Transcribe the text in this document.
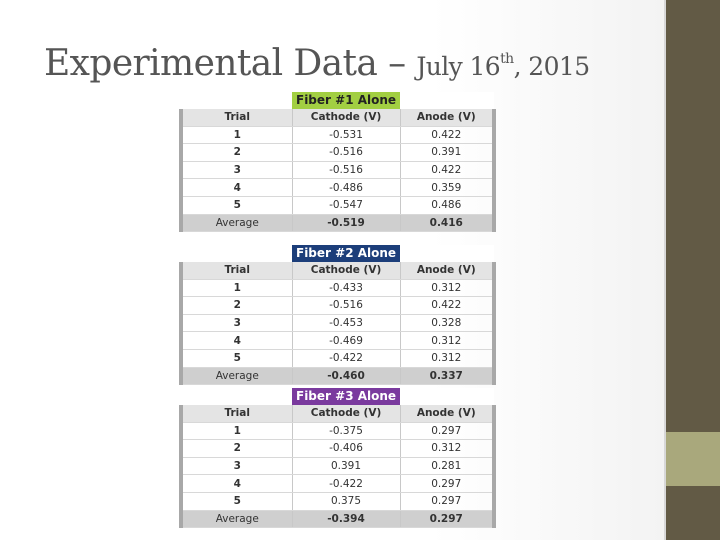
Experimental Data – July 16th, 2015
	Fiber #1 Alone	
Trial	Cathode (V)	Anode (V)
1	-0.531	0.422
2	-0.516	0.391
3	-0.516	0.422
4	-0.486	0.359
5	-0.547	0.486
Average	-0.519	0.416
	Fiber #2 Alone	
Trial	Cathode (V)	Anode (V)
1	-0.433	0.312
2	-0.516	0.422
3	-0.453	0.328
4	-0.469	0.312
5	-0.422	0.312
Average	-0.460	0.337
	Fiber #3 Alone	
Trial	Cathode (V)	Anode (V)
1	-0.375	0.297
2	-0.406	0.312
3	0.391	0.281
4	-0.422	0.297
5	0.375	0.297
Average	-0.394	0.297
